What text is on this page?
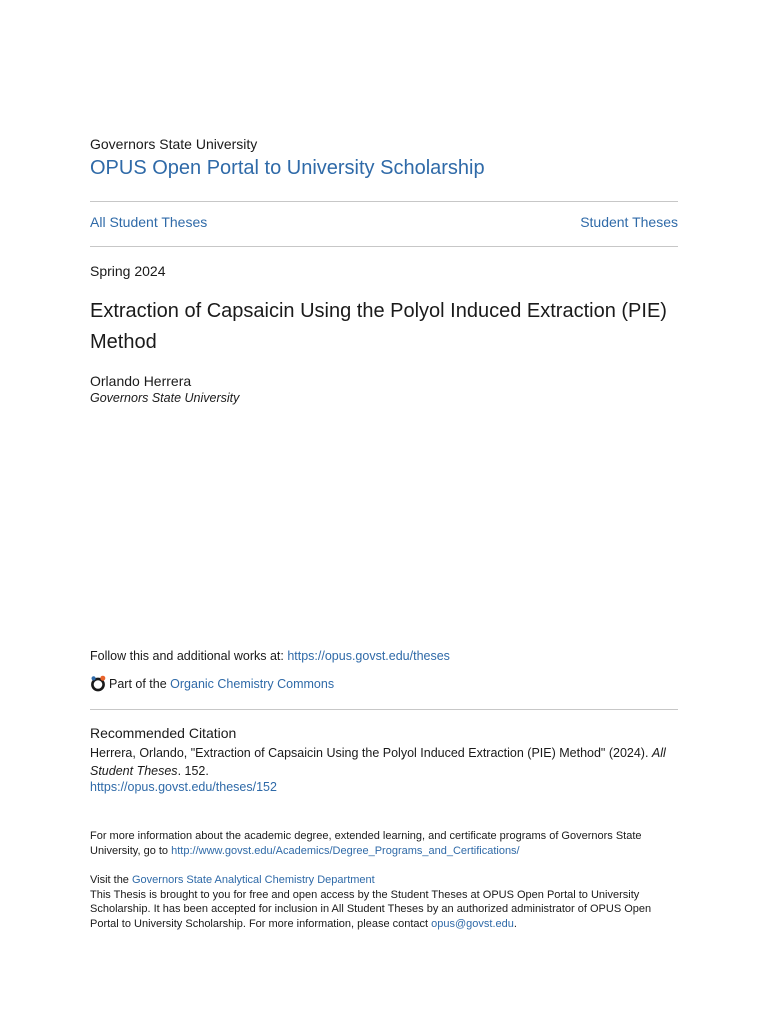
Governors State University
OPUS Open Portal to University Scholarship
All Student Theses	Student Theses
Spring 2024
Extraction of Capsaicin Using the Polyol Induced Extraction (PIE) Method
Orlando Herrera
Governors State University
Follow this and additional works at: https://opus.govst.edu/theses
Part of the Organic Chemistry Commons
Recommended Citation
Herrera, Orlando, "Extraction of Capsaicin Using the Polyol Induced Extraction (PIE) Method" (2024). All Student Theses. 152.
https://opus.govst.edu/theses/152
For more information about the academic degree, extended learning, and certificate programs of Governors State University, go to http://www.govst.edu/Academics/Degree_Programs_and_Certifications/
Visit the Governors State Analytical Chemistry Department
This Thesis is brought to you for free and open access by the Student Theses at OPUS Open Portal to University Scholarship. It has been accepted for inclusion in All Student Theses by an authorized administrator of OPUS Open Portal to University Scholarship. For more information, please contact opus@govst.edu.
